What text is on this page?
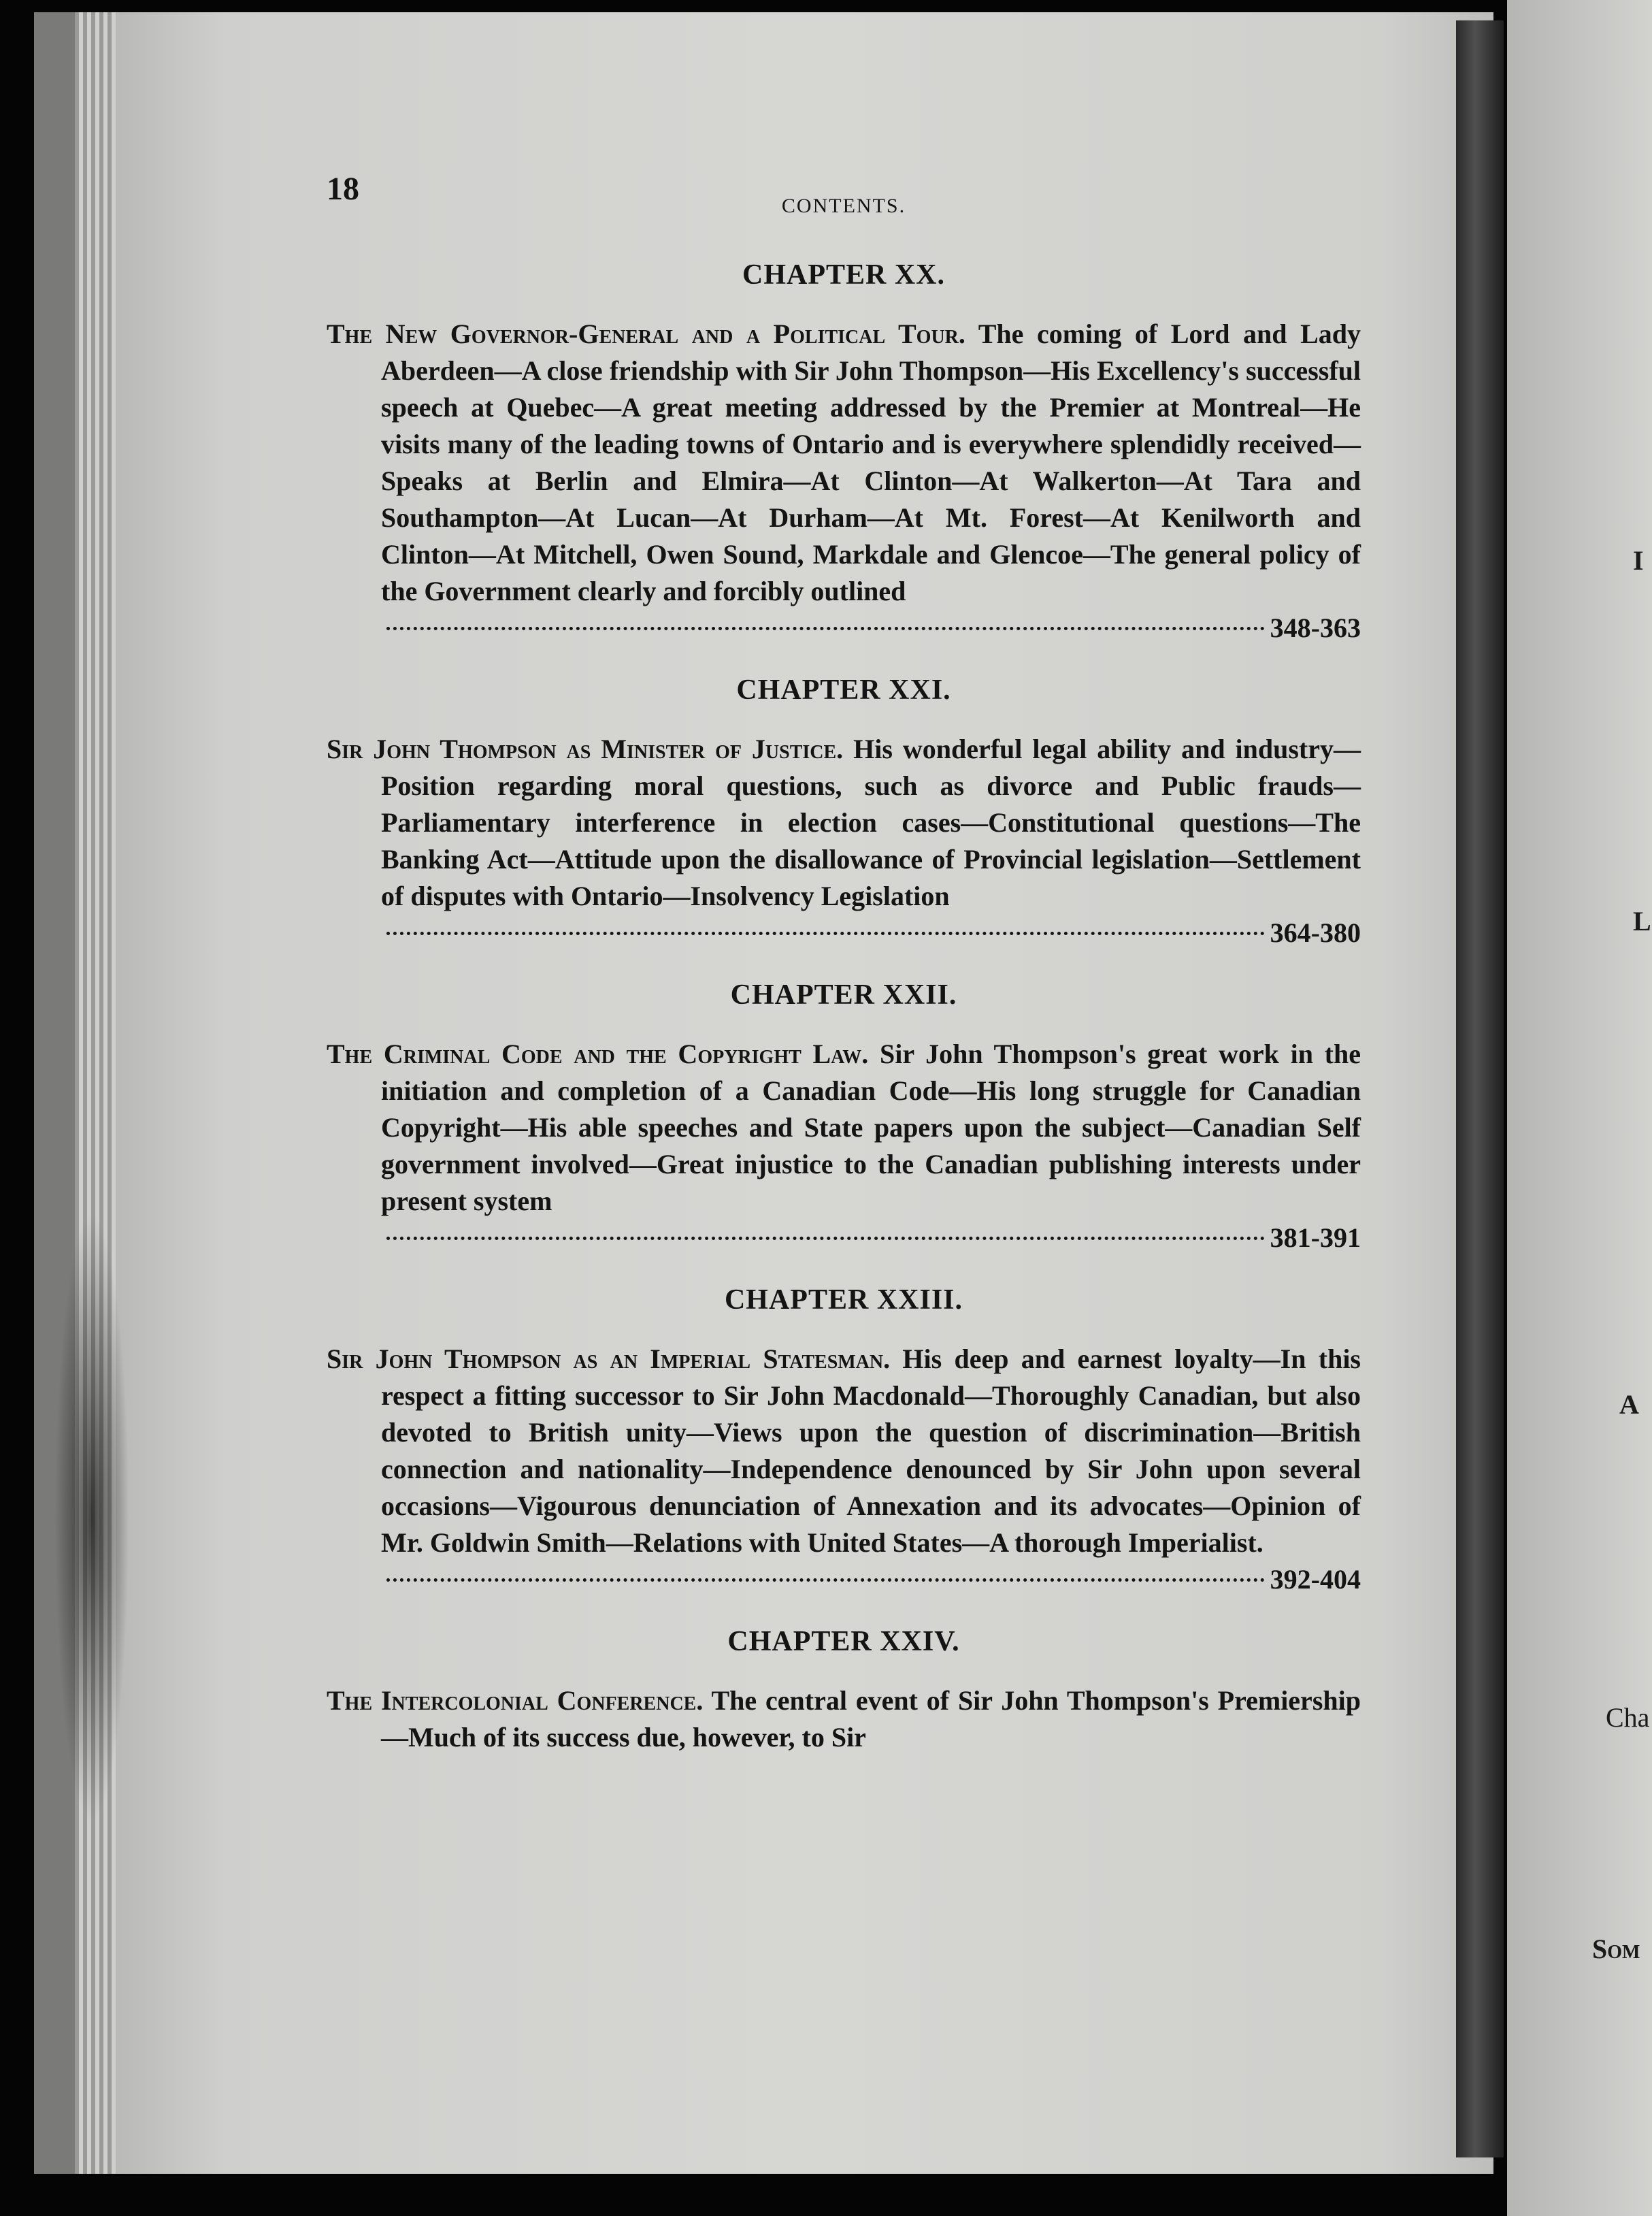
I
L
A
Cha
Som
18	CONTENTS.
CHAPTER XX.
The New Governor-General and a Political Tour. The coming of Lord and Lady Aberdeen—A close friendship with Sir John Thompson—His Excellency's successful speech at Quebec—A great meeting addressed by the Premier at Montreal—He visits many of the leading towns of Ontario and is everywhere splendidly received—Speaks at Berlin and Elmira—At Clinton—At Walkerton—At Tara and Southampton—At Lucan—At Durham—At Mt. Forest—At Kenilworth and Clinton—At Mitchell, Owen Sound, Markdale and Glencoe—The general policy of the Government clearly and forcibly outlined
348-363
CHAPTER XXI.
Sir John Thompson as Minister of Justice. His wonderful legal ability and industry—Position regarding moral questions, such as divorce and Public frauds—Parliamentary interference in election cases—Constitutional questions—The Banking Act—Attitude upon the disallowance of Provincial legislation—Settlement of disputes with Ontario—Insolvency Legislation
364-380
CHAPTER XXII.
The Criminal Code and the Copyright Law. Sir John Thompson's great work in the initiation and completion of a Canadian Code—His long struggle for Canadian Copyright—His able speeches and State papers upon the subject—Canadian Self government involved—Great injustice to the Canadian publishing interests under present system
381-391
CHAPTER XXIII.
Sir John Thompson as an Imperial Statesman. His deep and earnest loyalty—In this respect a fitting successor to Sir John Macdonald—Thoroughly Canadian, but also devoted to British unity—Views upon the question of discrimination—British connection and nationality—Independence denounced by Sir John upon several occasions—Vigourous denunciation of Annexation and its advocates—Opinion of Mr. Goldwin Smith—Relations with United States—A thorough Imperialist.
392-404
CHAPTER XXIV.
The Intercolonial Conference. The central event of Sir John Thompson's Premiership—Much of its success due, however, to Sir
